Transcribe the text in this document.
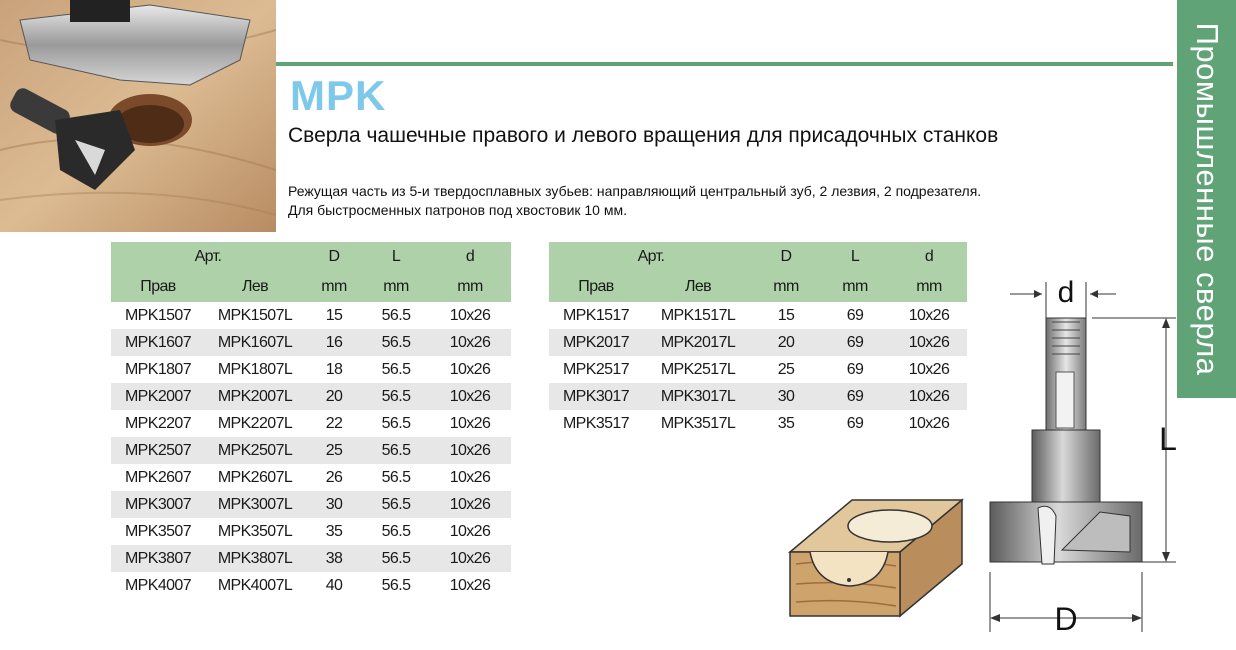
Промышленные сверла
MPK
Сверла чашечные правого и левого вращения для присадочных станков
Режущая часть из 5-и твердосплавных зубьев: направляющий центральный зуб, 2 лезвия, 2 подрезателя.
Для быстросменных патронов под хвостовик 10 мм.
Арт.		D	L	d
Прав	Лев	mm	mm	mm
MPK1507	MPK1507L	15	56.5	10x26
MPK1607	MPK1607L	16	56.5	10x26
MPK1807	MPK1807L	18	56.5	10x26
MPK2007	MPK2007L	20	56.5	10x26
MPK2207	MPK2207L	22	56.5	10x26
MPK2507	MPK2507L	25	56.5	10x26
MPK2607	MPK2607L	26	56.5	10x26
MPK3007	MPK3007L	30	56.5	10x26
MPK3507	MPK3507L	35	56.5	10x26
MPK3807	MPK3807L	38	56.5	10x26
MPK4007	MPK4007L	40	56.5	10x26
Арт.		D	L	d
Прав	Лев	mm	mm	mm
MPK1517	MPK1517L	15	69	10x26
MPK2017	MPK2017L	20	69	10x26
MPK2517	MPK2517L	25	69	10x26
MPK3017	MPK3017L	30	69	10x26
MPK3517	MPK3517L	35	69	10x26
d
L
D
